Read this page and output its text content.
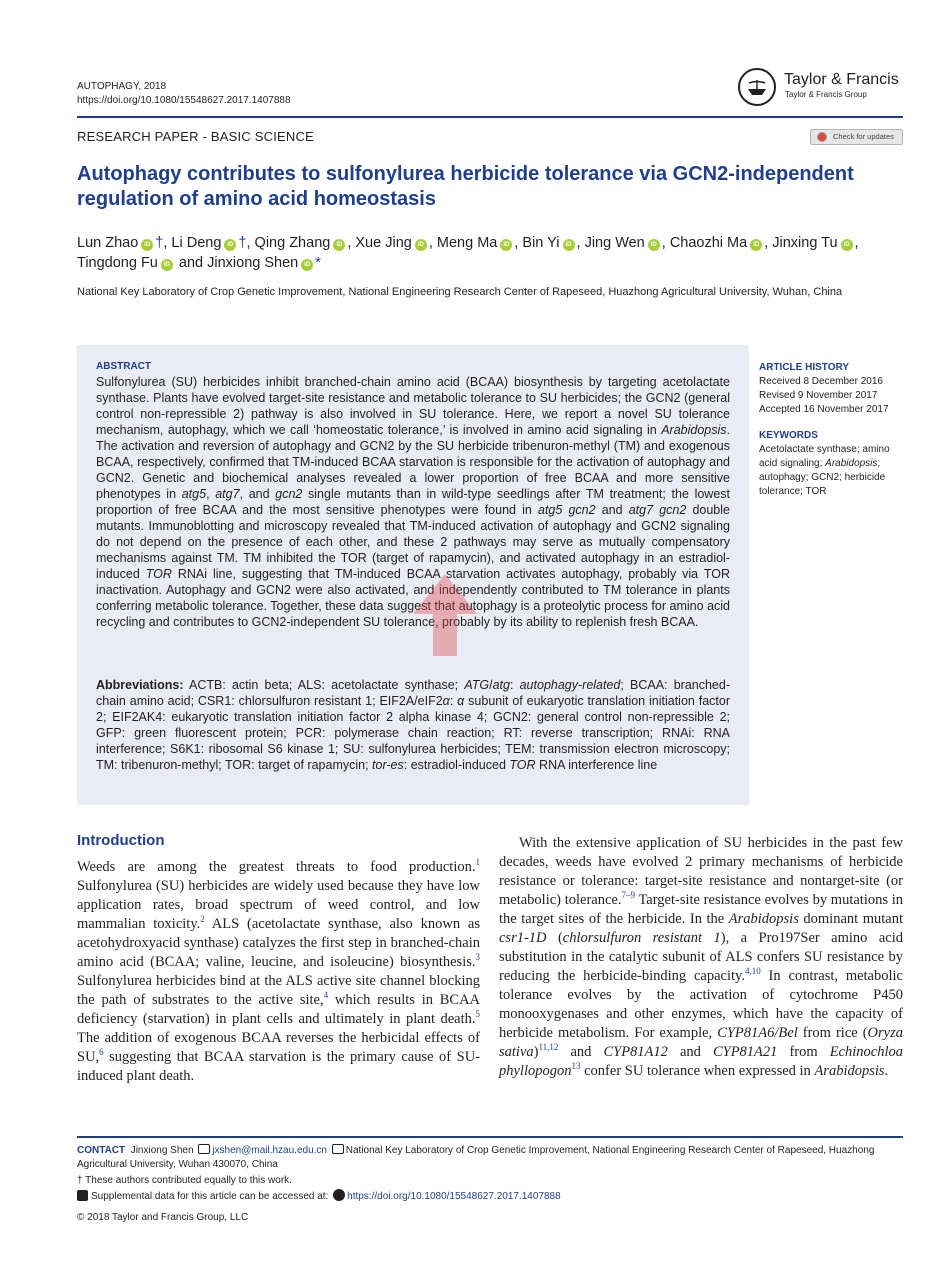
AUTOPHAGY, 2018
https://doi.org/10.1080/15548627.2017.1407888
Taylor & Francis
Taylor & Francis Group
RESEARCH PAPER - BASIC SCIENCE	Check for updates
Autophagy contributes to sulfonylurea herbicide tolerance via GCN2-independent regulation of amino acid homeostasis
Lun Zhao iD †, Li Deng iD †, Qing Zhang iD , Xue Jing iD , Meng Ma iD , Bin Yi iD , Jing Wen iD , Chaozhi Ma iD , Jinxing Tu iD , Tingdong Fu iD and Jinxiong Shen iD *
National Key Laboratory of Crop Genetic Improvement, National Engineering Research Center of Rapeseed, Huazhong Agricultural University, Wuhan, China
ABSTRACT
Sulfonylurea (SU) herbicides inhibit branched-chain amino acid (BCAA) biosynthesis by targeting acetolactate synthase. Plants have evolved target-site resistance and metabolic tolerance to SU herbicides; the GCN2 (general control non-repressible 2) pathway is also involved in SU tolerance. Here, we report a novel SU tolerance mechanism, autophagy, which we call ‘homeostatic tolerance,’ is involved in amino acid signaling in Arabidopsis. The activation and reversion of autophagy and GCN2 by the SU herbicide tribenuron-methyl (TM) and exogenous BCAA, respectively, confirmed that TM-induced BCAA starvation is responsible for the activation of autophagy and GCN2. Genetic and biochemical analyses revealed a lower proportion of free BCAA and more sensitive phenotypes in atg5, atg7, and gcn2 single mutants than in wild-type seedlings after TM treatment; the lowest proportion of free BCAA and the most sensitive phenotypes were found in atg5 gcn2 and atg7 gcn2 double mutants. Immunoblotting and microscopy revealed that TM-induced activation of autophagy and GCN2 signaling do not depend on the presence of each other, and these 2 pathways may serve as mutually compensatory mechanisms against TM. TM inhibited the TOR (target of rapamycin), and activated autophagy in an estradiol-induced TOR RNAi line, suggesting that TM-induced BCAA starvation activates autophagy, probably via TOR inactivation. Autophagy and GCN2 were also activated, and independently contributed to TM tolerance in plants conferring metabolic tolerance. Together, these data suggest that autophagy is a proteolytic process for amino acid recycling and contributes to GCN2-independent SU tolerance, probably by its ability to replenish fresh BCAA.
Abbreviations: ACTB: actin beta; ALS: acetolactate synthase; ATG/atg: autophagy-related; BCAA: branched-chain amino acid; CSR1: chlorsulfuron resistant 1; EIF2A/eIF2α: α subunit of eukaryotic translation initiation factor 2; EIF2AK4: eukaryotic translation initiation factor 2 alpha kinase 4; GCN2: general control non-repressible 2; GFP: green fluorescent protein; PCR: polymerase chain reaction; RT: reverse transcription; RNAi: RNA interference; S6K1: ribosomal S6 kinase 1; SU: sulfonylurea herbicides; TEM: transmission electron microscopy; TM: tribenuron-methyl; TOR: target of rapamycin; tor-es: estradiol-induced TOR RNA interference line
ARTICLE HISTORY
Received 8 December 2016
Revised 9 November 2017
Accepted 16 November 2017
KEYWORDS
Acetolactate synthase; amino acid signaling; Arabidopsis; autophagy; GCN2; herbicide tolerance; TOR
Introduction
Weeds are among the greatest threats to food production.$^1$ Sulfonylurea (SU) herbicides are widely used because they have low application rates, broad spectrum of weed control, and low mammalian toxicity.$^2$ ALS (acetolactate synthase, also known as acetohydroxyacid synthase) catalyzes the first step in branched-chain amino acid (BCAA; valine, leucine, and isoleucine) biosynthesis.$^3$ Sulfonylurea herbicides bind at the ALS active site channel blocking the path of substrates to the active site,$^4$ which results in BCAA deficiency (starvation) in plant cells and ultimately in plant death.$^5$ The addition of exogenous BCAA reverses the herbicidal effects of SU,$^6$ suggesting that BCAA starvation is the primary cause of SU-induced plant death.
With the extensive application of SU herbicides in the past few decades, weeds have evolved 2 primary mechanisms of herbicide resistance or tolerance: target-site resistance and nontarget-site (or metabolic) tolerance.$^{7-9}$ Target-site resistance evolves by mutations in the target sites of the herbicide. In the Arabidopsis dominant mutant csr1-1D (chlorsulfuron resistant 1), a Pro197Ser amino acid substitution in the catalytic subunit of ALS confers SU resistance by reducing the herbicide-binding capacity.$^{4,10}$ In contrast, metabolic tolerance evolves by the activation of cytochrome P450 monooxygenases and other enzymes, which have the capacity of herbicide metabolism. For example, CYP81A6/Bel from rice (Oryza sativa)$^{11,12}$ and CYP81A12 and CYP81A21 from Echinochloa phyllopogon$^{13}$ confer SU tolerance when expressed in Arabidopsis.
CONTACT Jinxiong Shen jxshen@mail.hzau.edu.cn National Key Laboratory of Crop Genetic Improvement, National Engineering Research Center of Rapeseed, Huazhong Agricultural University, Wuhan 430070, China
† These authors contributed equally to this work.
Supplemental data for this article can be accessed at: https://doi.org/10.1080/15548627.2017.1407888
© 2018 Taylor and Francis Group, LLC
